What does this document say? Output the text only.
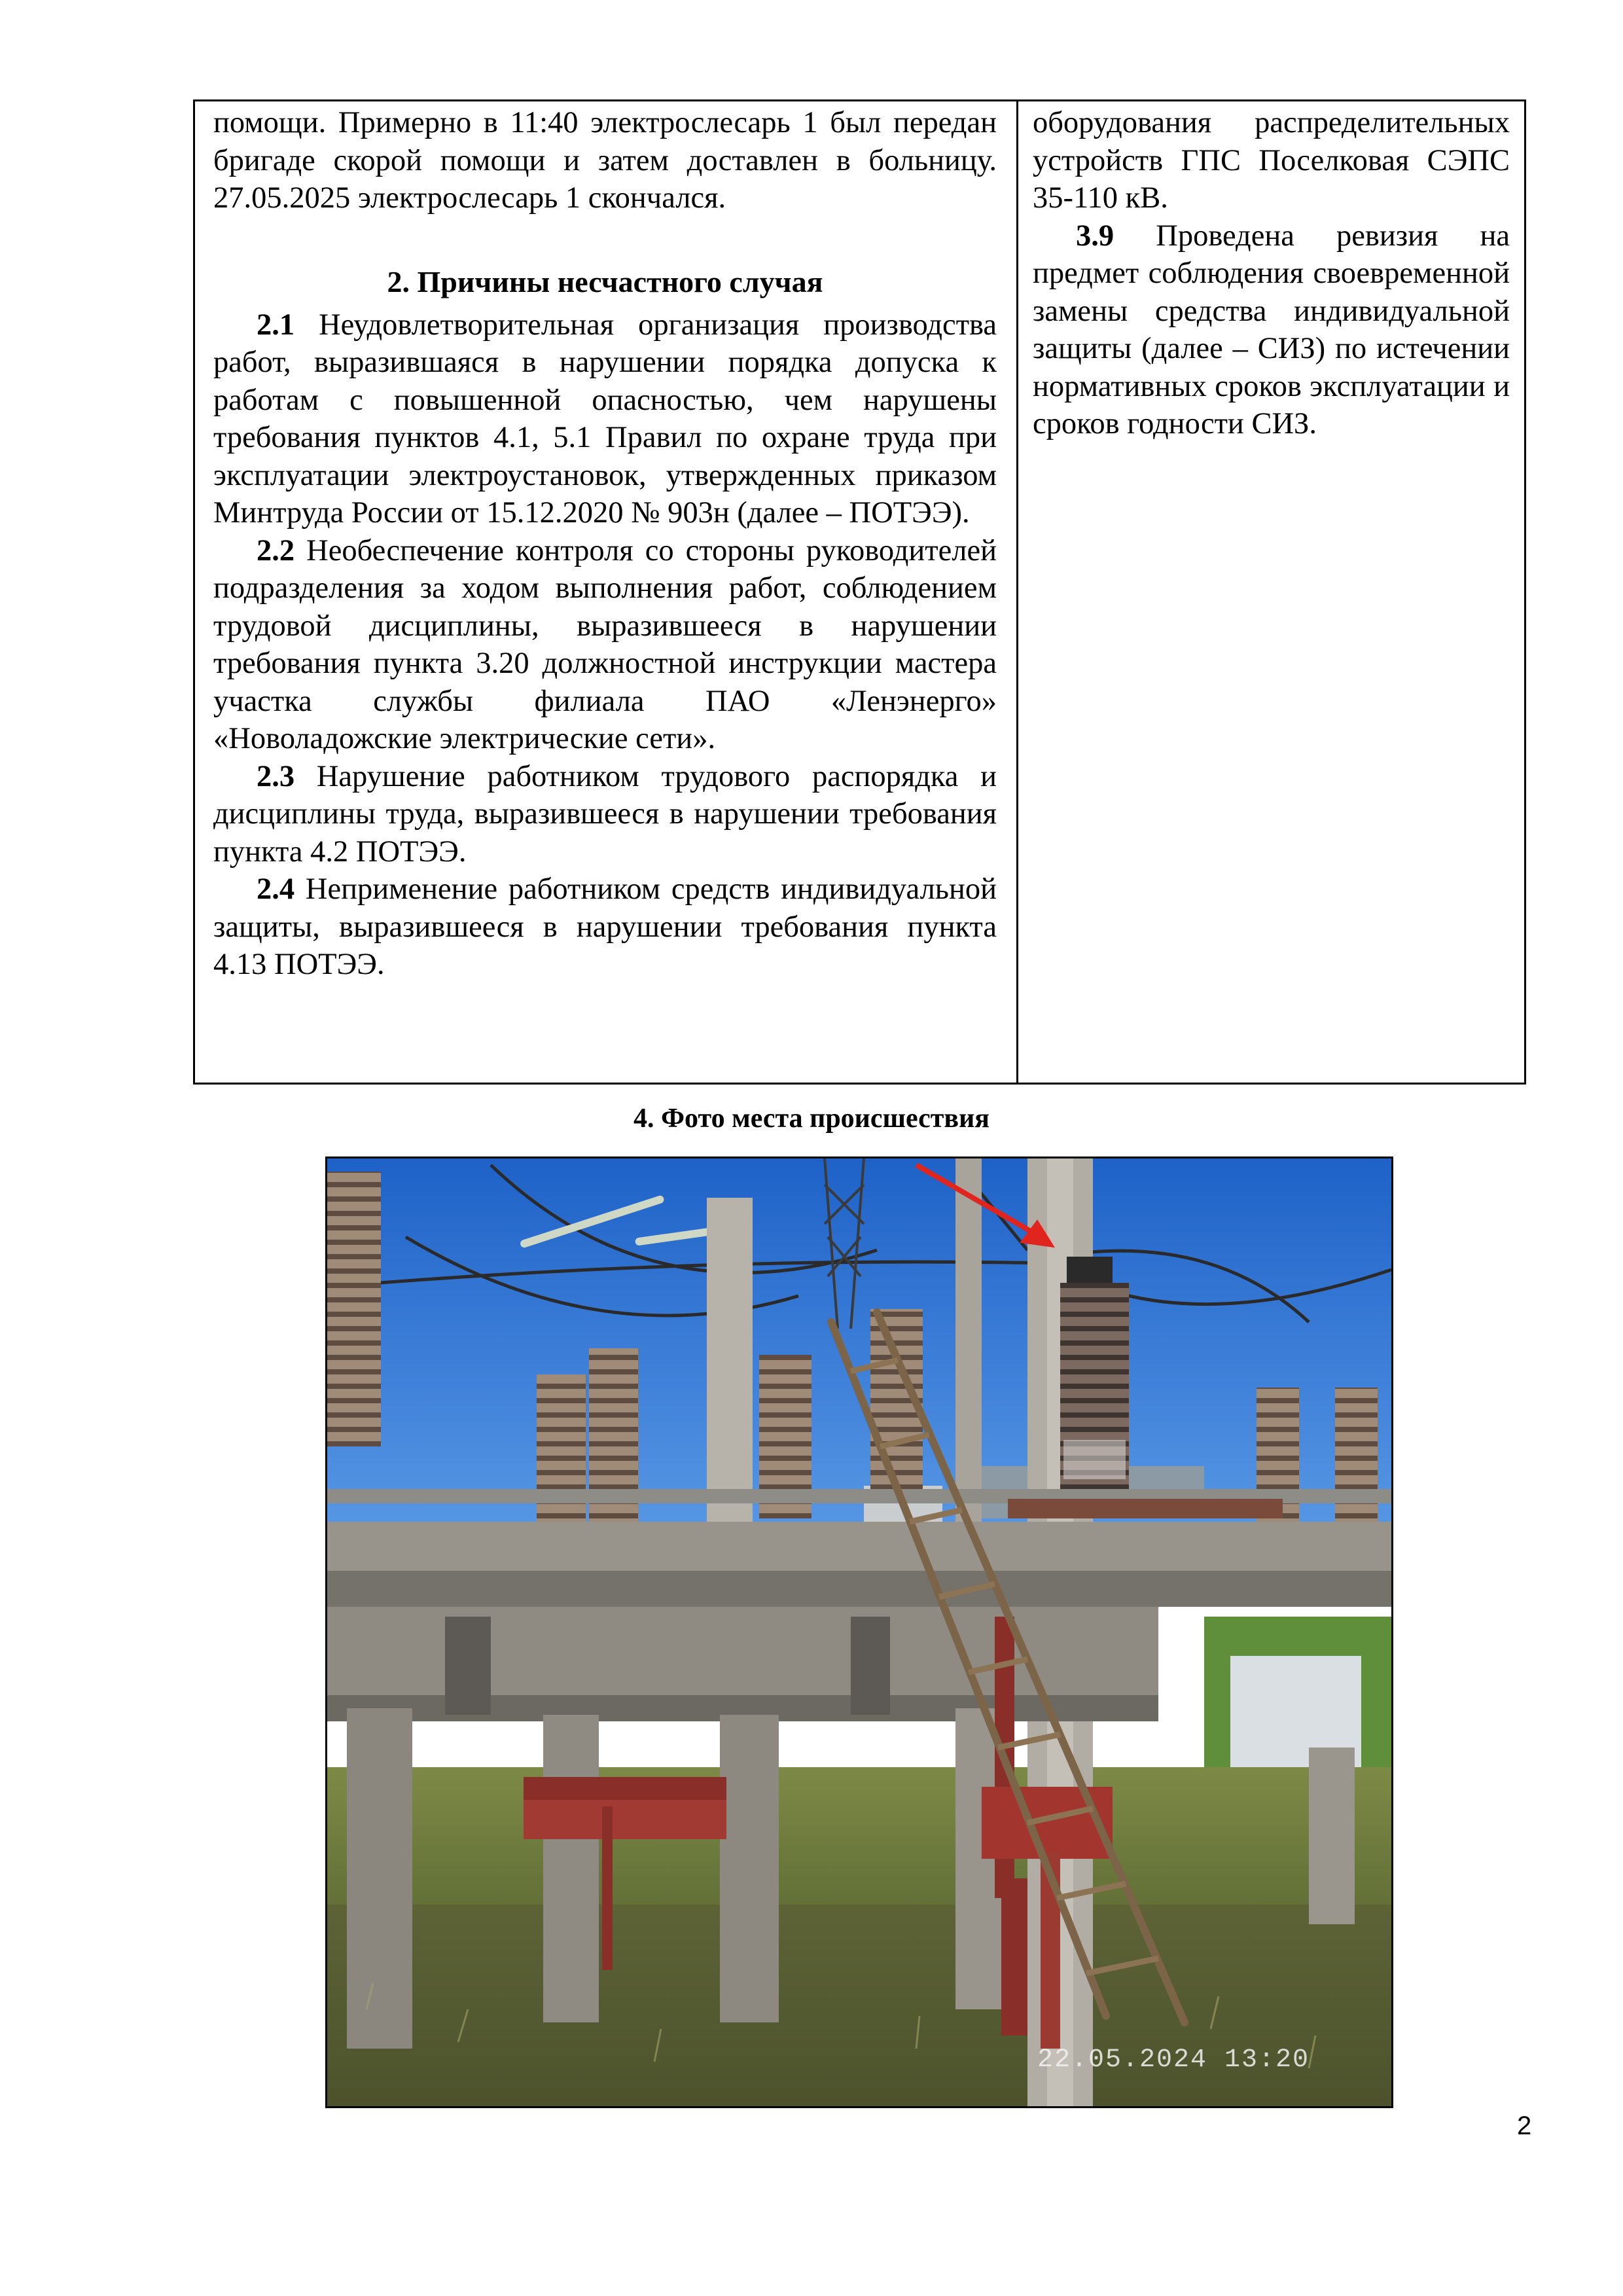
помощи. Примерно в 11:40 электрослесарь 1 был передан бригаде скорой помощи и затем доставлен в больницу. 27.05.2025 электрослесарь 1 скончался.

2. Причины несчастного случая

2.1 Неудовлетворительная организация производства работ, выразившаяся в нарушении порядка допуска к работам с повышенной опасностью, чем нарушены требования пунктов 4.1, 5.1 Правил по охране труда при эксплуатации электроустановок, утвержденных приказом Минтруда России от 15.12.2020 № 903н (далее – ПОТЭЭ).

2.2 Необеспечение контроля со стороны руководителей подразделения за ходом выполнения работ, соблюдением трудовой дисциплины, выразившееся в нарушении требования пункта 3.20 должностной инструкции мастера участка службы филиала ПАО «Ленэнерго» «Новоладожские электрические сети».

2.3 Нарушение работником трудового распорядка и дисциплины труда, выразившееся в нарушении требования пункта 4.2 ПОТЭЭ.

2.4 Неприменение работником средств индивидуальной защиты, выразившееся в нарушении требования пункта 4.13 ПОТЭЭ.

оборудования распределительных устройств ГПС Поселковая СЭПС 35-110 кВ.

3.9 Проведена ревизия на предмет соблюдения своевременной замены средства индивидуальной защиты (далее – СИЗ) по истечении нормативных сроков эксплуатации и сроков годности СИЗ.

4. Фото места происшествия
22.05.2024 13:20
2
